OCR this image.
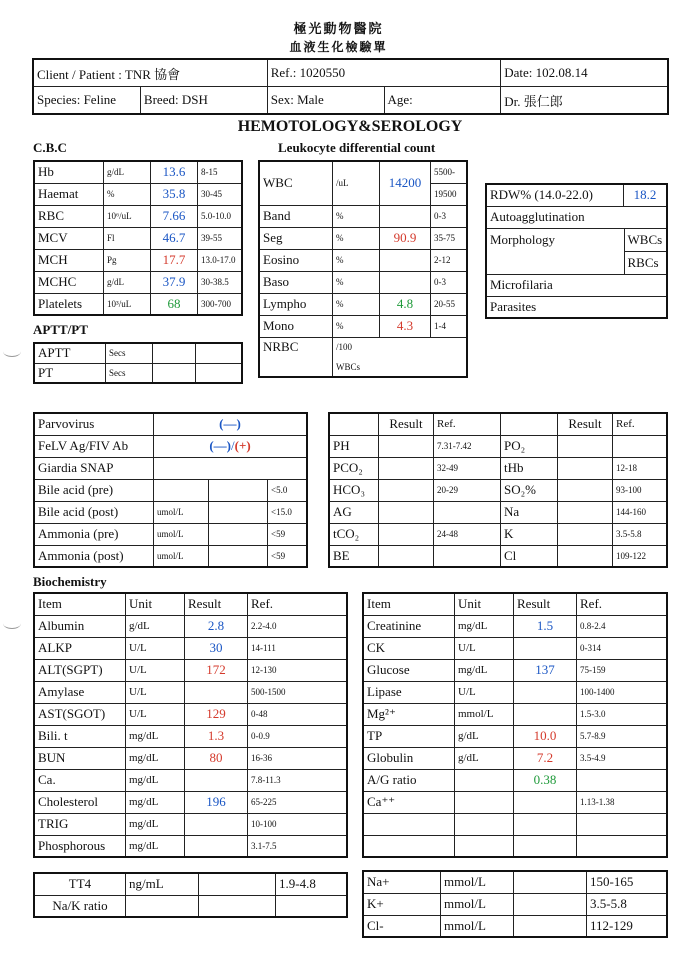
極光動物醫院
血液生化檢驗單
Client / Patient : TNR 協會		Ref.: 1020550		Date: 102.08.14
Species: Feline	Breed: DSH	Sex: Male	Age:	Dr. 張仁郎
HEMOTOLOGY&SEROLOGY
C.B.C	Leukocyte differential count
Hb	g/dL	13.6	8-15
Haemat	%	35.8	30-45
RBC	10⁶/uL	7.66	5.0-10.0
MCV	Fl	46.7	39-55
MCH	Pg	17.7	13.0-17.0
MCHC	g/dL	37.9	30-38.5
Platelets	10³/uL	68	300-700
APTT/PT
APTT	Secs		
PT	Secs		
WBC	/uL	14200	5500-
			19500
Band	%		0-3
Seg	%	90.9	35-75
Eosino	%		2-12
Baso	%		0-3
Lympho	%	4.8	20-55
Mono	%	4.3	1-4
NRBC	/100		
	WBCs		
RDW% (14.0-22.0)	18.2
Autoagglutination	
Morphology	WBCs
RBCs

Microfilaria	
Parasites	
Parvovirus	(—)		
FeLV Ag/FIV Ab	(—)/(+)		
Giardia SNAP			
Bile acid (pre)			<5.0
Bile acid (post)	umol/L		<15.0
Ammonia (pre)	umol/L		<59
Ammonia (post)	umol/L		<59
	Result	Ref.		Result	Ref.
PH		7.31-7.42	PO₂		
PCO₂		32-49	tHb		12-18
HCO₃		20-29	SO₂%		93-100
AG			Na		144-160
tCO₂		24-48	K		3.5-5.8
BE			Cl		109-122
Biochemistry
Item	Unit	Result	Ref.
Albumin	g/dL	2.8	2.2-4.0
ALKP	U/L	30	14-111
ALT(SGPT)	U/L	172	12-130
Amylase	U/L		500-1500
AST(SGOT)	U/L	129	0-48
Bili. t	mg/dL	1.3	0-0.9
BUN	mg/dL	80	16-36
Ca.	mg/dL		7.8-11.3
Cholesterol	mg/dL	196	65-225
TRIG	mg/dL		10-100
Phosphorous	mg/dL		3.1-7.5
Item	Unit	Result	Ref.
Creatinine	mg/dL	1.5	0.8-2.4
CK	U/L		0-314
Glucose	mg/dL	137	75-159
Lipase	U/L		100-1400
Mg²⁺	mmol/L		1.5-3.0
TP	g/dL	10.0	5.7-8.9
Globulin	g/dL	7.2	3.5-4.9
A/G ratio		0.38	
Ca⁺⁺			1.13-1.38

TT4	ng/mL		1.9-4.8
Na/K ratio			
Na+	mmol/L		150-165
K+	mmol/L		3.5-5.8
Cl-	mmol/L		112-129
